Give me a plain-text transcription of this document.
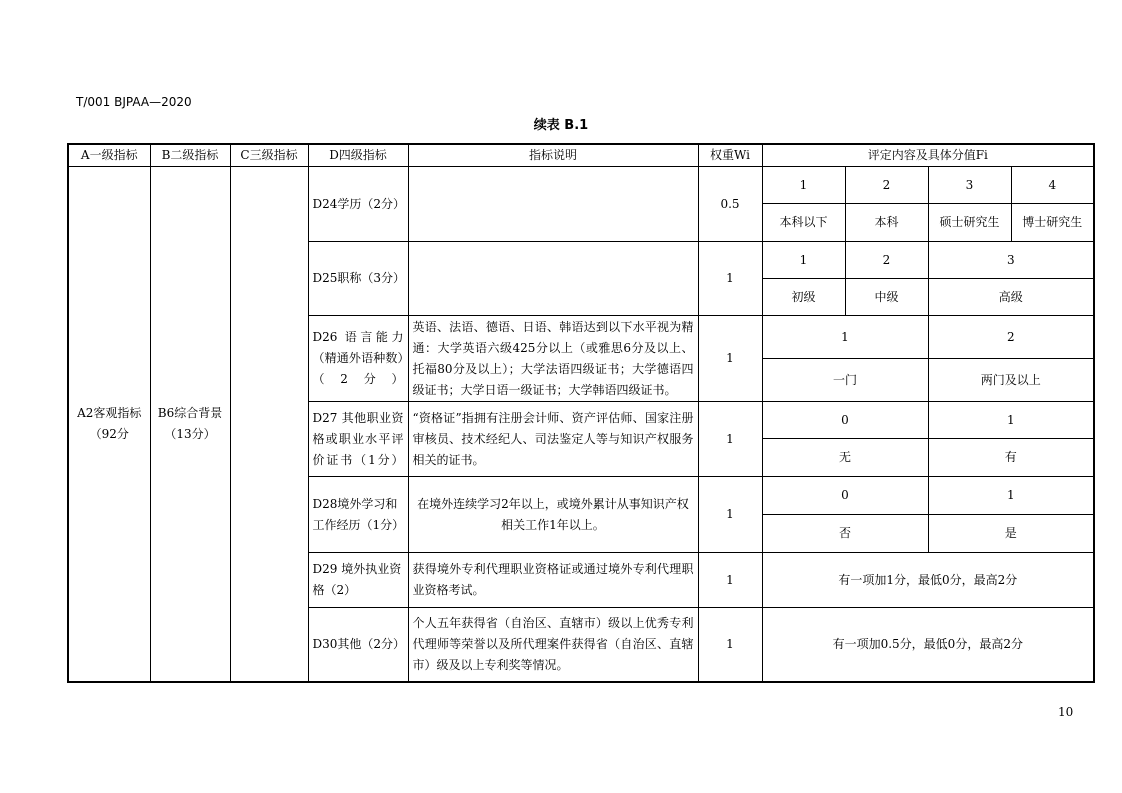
T/001 BJPAA—2020
续表 B.1
A一级指标	B二级指标	C三级指标	D四级指标	指标说明	权重Wi	评定内容及具体分值Fi			
A2客观指标（92分	B6综合背景（13分）		D24学历（2分）		0.5	1	2	3	4
						本科以下	本科	硕士研究生	博士研究生
			D25职称（3分）		1	1	2	3	
						初级	中级	高级	
			D26 语言能力（精通外语种数）（2分）	英语、法语、德语、日语、韩语达到以下水平视为精通：大学英语六级425分以上（或雅思6分及以上、托福80分及以上）；大学法语四级证书；大学德语四级证书；大学日语一级证书；大学韩语四级证书。	1	1		2	
						一门		两门及以上	
			D27 其他职业资格或职业水平评价证书（1分）	“资格证”指拥有注册会计师、资产评估师、国家注册审核员、技术经纪人、司法鉴定人等与知识产权服务相关的证书。	1	0		1	
						无		有	
			D28境外学习和工作经历（1分）	在境外连续学习2年以上，或境外累计从事知识产权相关工作1年以上。	1	0		1	
						否		是	
			D29 境外执业资格（2）	获得境外专利代理职业资格证或通过境外专利代理职业资格考试。	1	有一项加1分，最低0分，最高2分			
			D30其他（2分）	个人五年获得省（自治区、直辖市）级以上优秀专利代理师等荣誉以及所代理案件获得省（自治区、直辖市）级及以上专利奖等情况。	1	有一项加0.5分，最低0分，最高2分			
10
